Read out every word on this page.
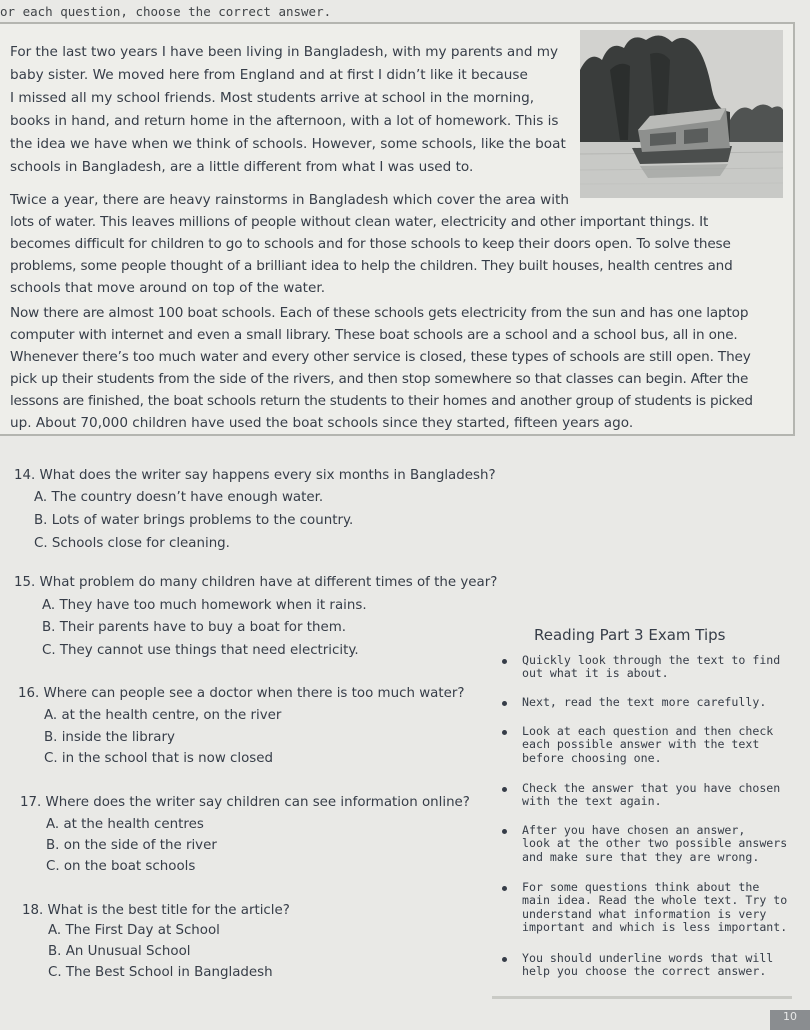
or each question, choose the correct answer.
For the last two years I have been living in Bangladesh, with my parents and my
baby sister. We moved here from England and at first I didn’t like it because
I missed all my school friends. Most students arrive at school in the morning,
books in hand, and return home in the afternoon, with a lot of homework. This is
the idea we have when we think of schools. However, some schools, like the boat
schools in Bangladesh, are a little different from what I was used to.
Twice a year, there are heavy rainstorms in Bangladesh which cover the area with
lots of water. This leaves millions of people without clean water, electricity and other important things. It
becomes difficult for children to go to schools and for those schools to keep their doors open. To solve these
problems, some people thought of a brilliant idea to help the children. They built houses, health centres and
schools that move around on top of the water.
Now there are almost 100 boat schools. Each of these schools gets electricity from the sun and has one laptop
computer with internet and even a small library. These boat schools are a school and a school bus, all in one.
Whenever there’s too much water and every other service is closed, these types of schools are still open. They
pick up their students from the side of the rivers, and then stop somewhere so that classes can begin. After the
lessons are finished, the boat schools return the students to their homes and another group of students is picked
up. About 70,000 children have used the boat schools since they started, fifteen years ago.
14. What does the writer say happens every six months in Bangladesh?
A. The country doesn’t have enough water.
B. Lots of water brings problems to the country.
C. Schools close for cleaning.
15. What problem do many children have at different times of the year?
A. They have too much homework when it rains.
B. Their parents have to buy a boat for them.
C. They cannot use things that need electricity.
16. Where can people see a doctor when there is too much water?
A. at the health centre, on the river
B. inside the library
C. in the school that is now closed
17. Where does the writer say children can see information online?
A. at the health centres
B. on the side of the river
C. on the boat schools
18. What is the best title for the article?
A. The First Day at School
B. An Unusual School
C. The Best School in Bangladesh
Reading Part 3 Exam Tips
Quickly look through the text to find
out what it is about.
Next, read the text more carefully.
Look at each question and then check
each possible answer with the text
before choosing one.
Check the answer that you have chosen
with the text again.
After you have chosen an answer,
look at the other two possible answers
and make sure that they are wrong.
For some questions think about the
main idea. Read the whole text. Try to
understand what information is very
important and which is less important.
You should underline words that will
help you choose the correct answer.
10
